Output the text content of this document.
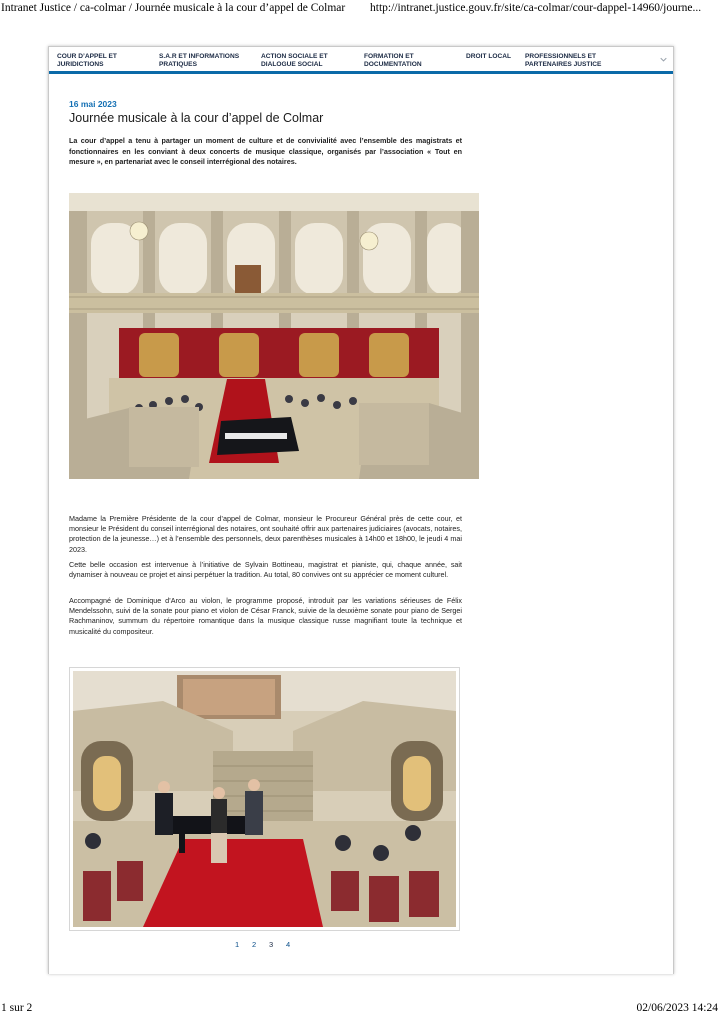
Intranet Justice / ca-colmar / Journée musicale à la cour d’appel de Colmar http://intranet.justice.gouv.fr/site/ca-colmar/cour-dappel-14960/journe...
COUR D’APPEL ET JURIDICTIONS
S.A.R ET INFORMATIONS PRATIQUES
ACTION SOCIALE ET DIALOGUE SOCIAL
FORMATION ET DOCUMENTATION
DROIT LOCAL	PROFESSIONNELS ET PARTENAIRES JUSTICE
16 mai 2023
Journée musicale à la cour d’appel de Colmar

La cour d’appel a tenu à partager un moment de culture et de convivialité avec l’ensemble des magistrats et fonctionnaires en les conviant à deux concerts de musique classique, organisés par l’association « Tout en mesure », en partenariat avec le conseil interrégional des notaires.

Madame la Première Présidente de la cour d’appel de Colmar, monsieur le Procureur Général près de cette cour, et monsieur le Président du conseil interrégional des notaires, ont souhaité offrir aux partenaires judiciaires (avocats, notaires, protection de la jeunesse…) et à l’ensemble des personnels, deux parenthèses musicales à 14h00 et 18h00, le jeudi 4 mai 2023.

Cette belle occasion est intervenue à l’initiative de Sylvain Bottineau, magistrat et pianiste, qui, chaque année, sait dynamiser à nouveau ce projet et ainsi perpétuer la tradition. Au total, 80 convives ont su apprécier ce moment culturel.

Accompagné de Dominique d’Arco au violon, le programme proposé, introduit par les variations sérieuses de Félix Mendelssohn, suivi de la sonate pour piano et violon de César Franck, suivie de la deuxième sonate pour piano de Sergei Rachmaninov, summum du répertoire romantique dans la musique classique russe magnifiant toute la technique et musicalité du compositeur.

1 2 3 4
1 sur 2	02/06/2023 14:24
